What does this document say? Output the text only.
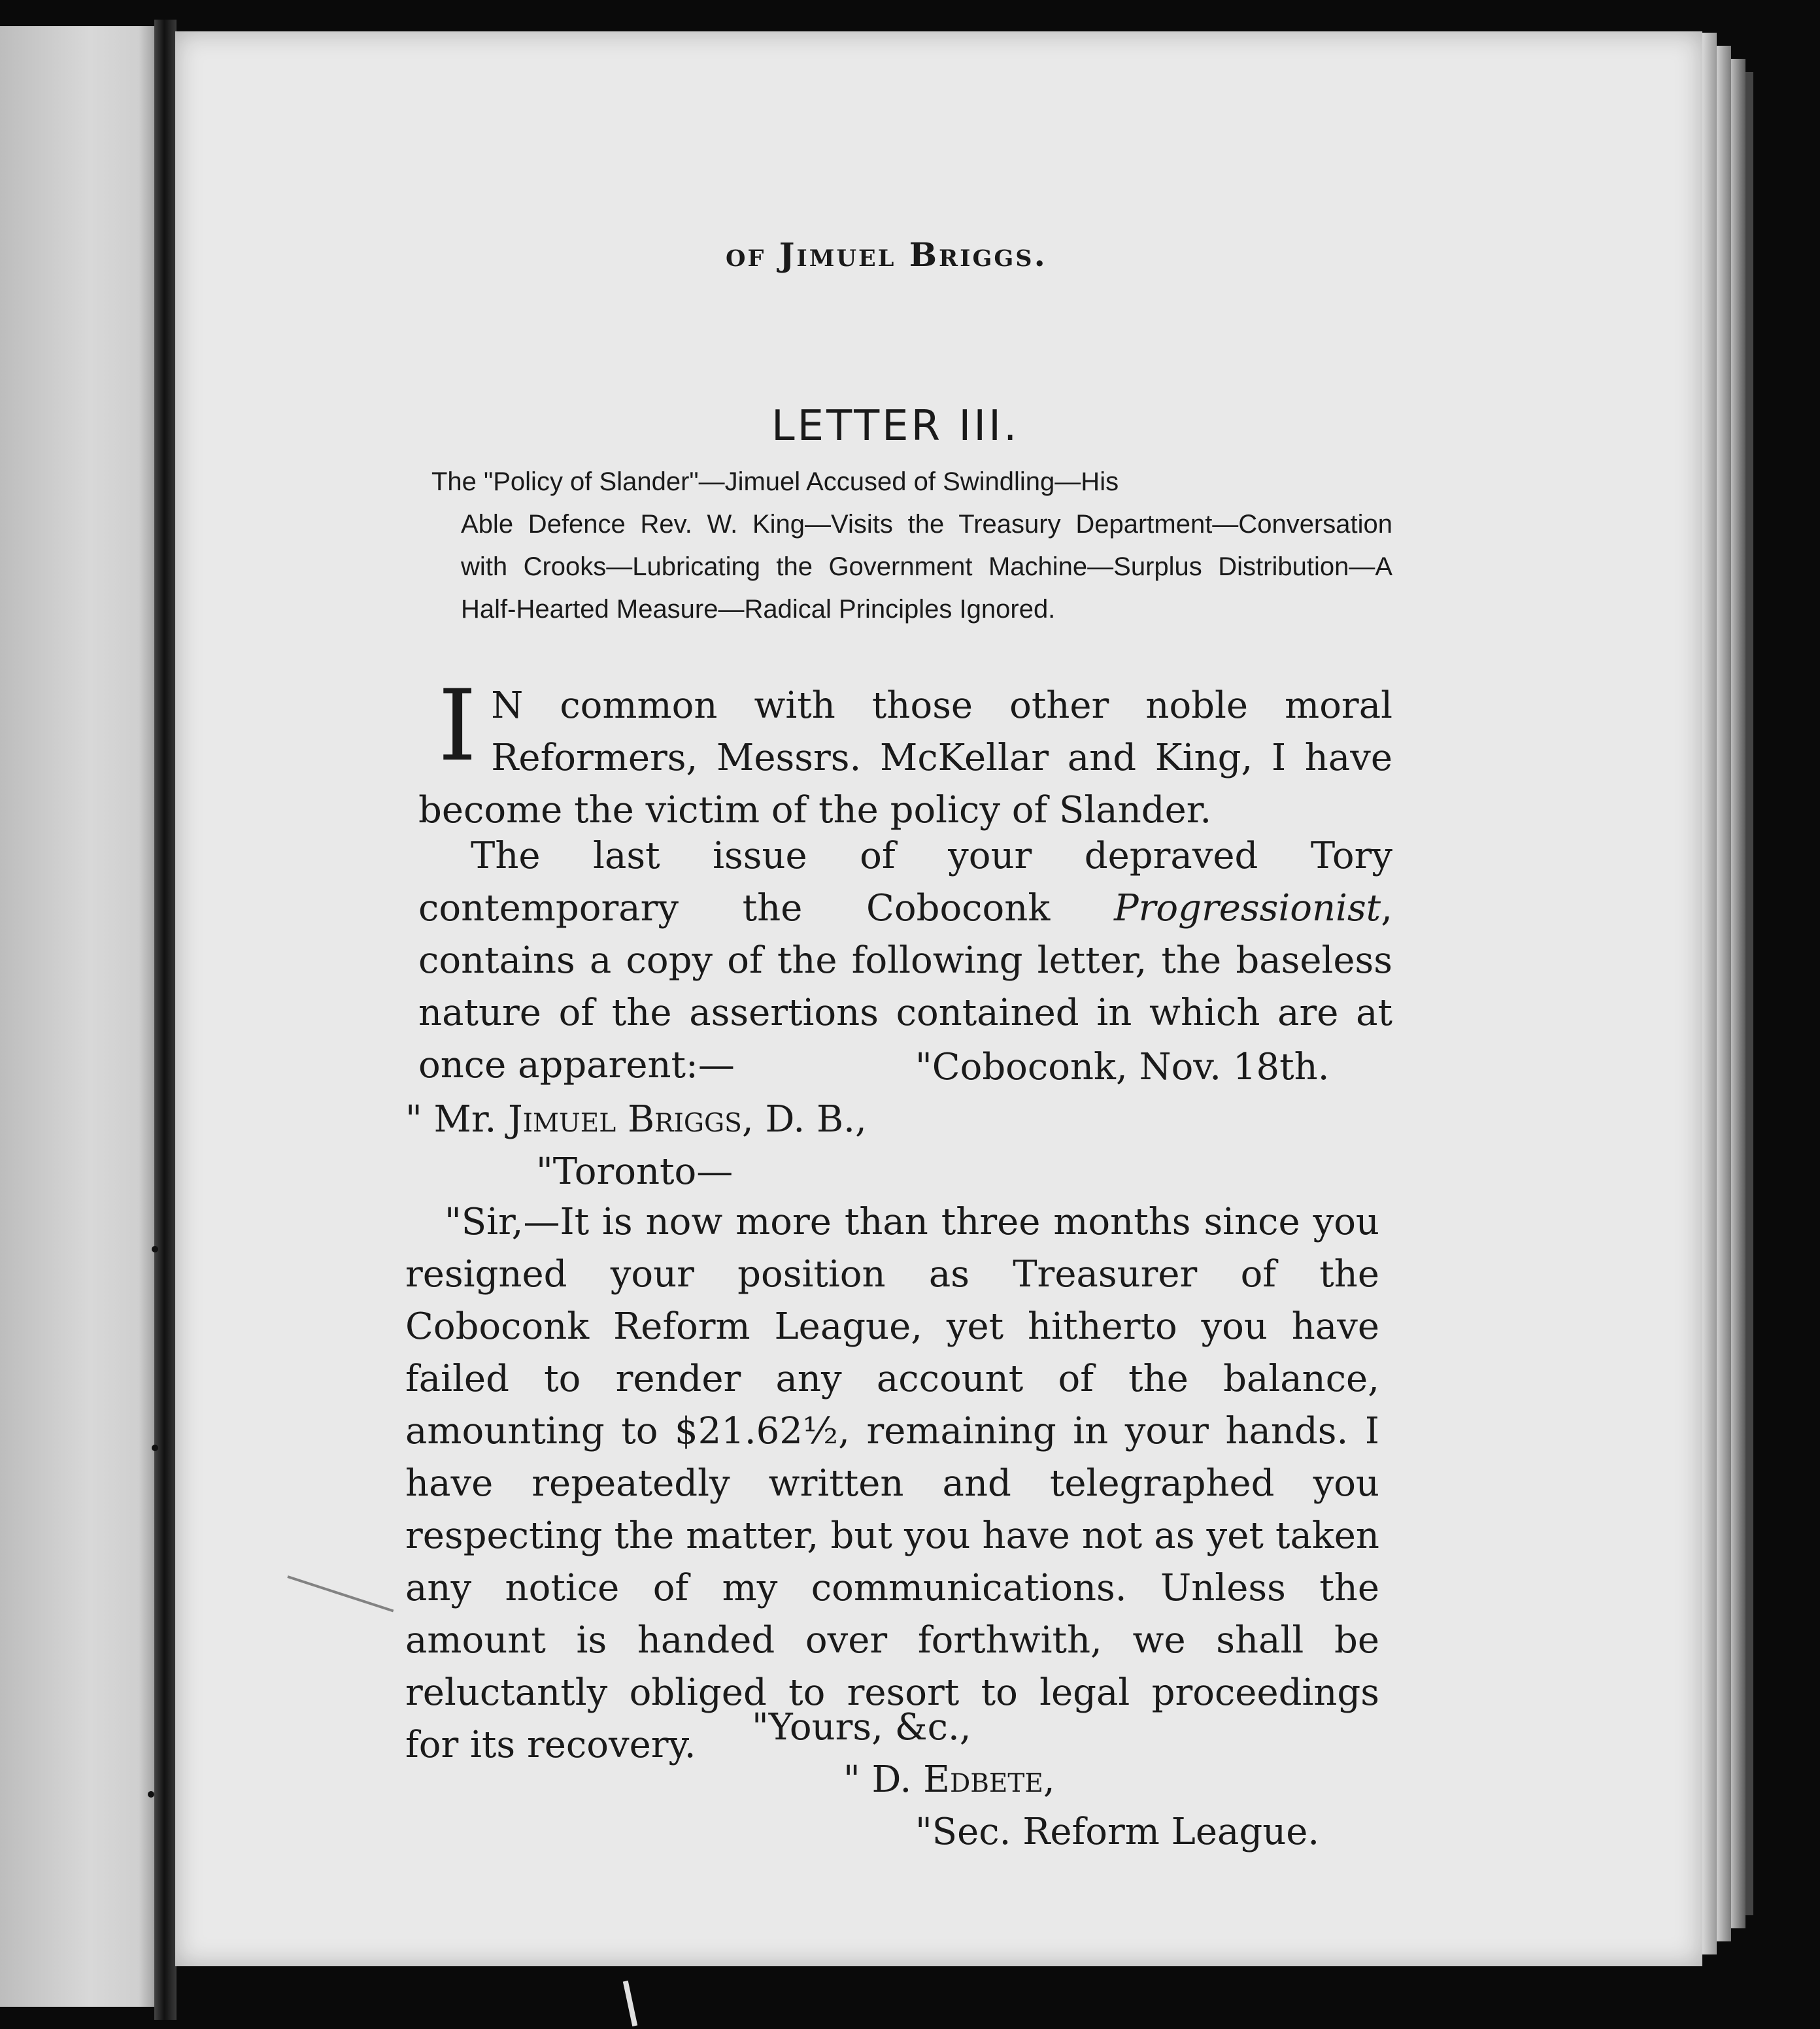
of Jimuel Briggs.
LETTER III.
The "Policy of Slander"—Jimuel Accused of Swindling—His
Able Defence Rev. W. King—Visits the Treasury Department—Conversation with Crooks—Lubricating the Government Machine—Surplus Distribution—A Half-Hearted Measure—Radical Principles Ignored.
I N common with those other noble moral Reformers, Messrs. McKellar and King, I have become the victim of the policy of Slander.
The last issue of your depraved Tory contemporary the Coboconk Progressionist, contains a copy of the following letter, the baseless nature of the assertions contained in which are at once apparent:—	"Coboconk, Nov. 18th.
" Mr. Jimuel Briggs, D. B.,
"Toronto—
"Sir,—It is now more than three months since you resigned your position as Treasurer of the Coboconk Reform League, yet hitherto you have failed to render any account of the balance, amounting to $21.62½, remaining in your hands. I have repeatedly written and telegraphed you respecting the matter, but you have not as yet taken any notice of my communications. Unless the amount is handed over forthwith, we shall be reluctantly obliged to resort to legal proceedings for its recovery.	"Yours, &c.,
" D. Edbete,
"Sec. Reform League.
